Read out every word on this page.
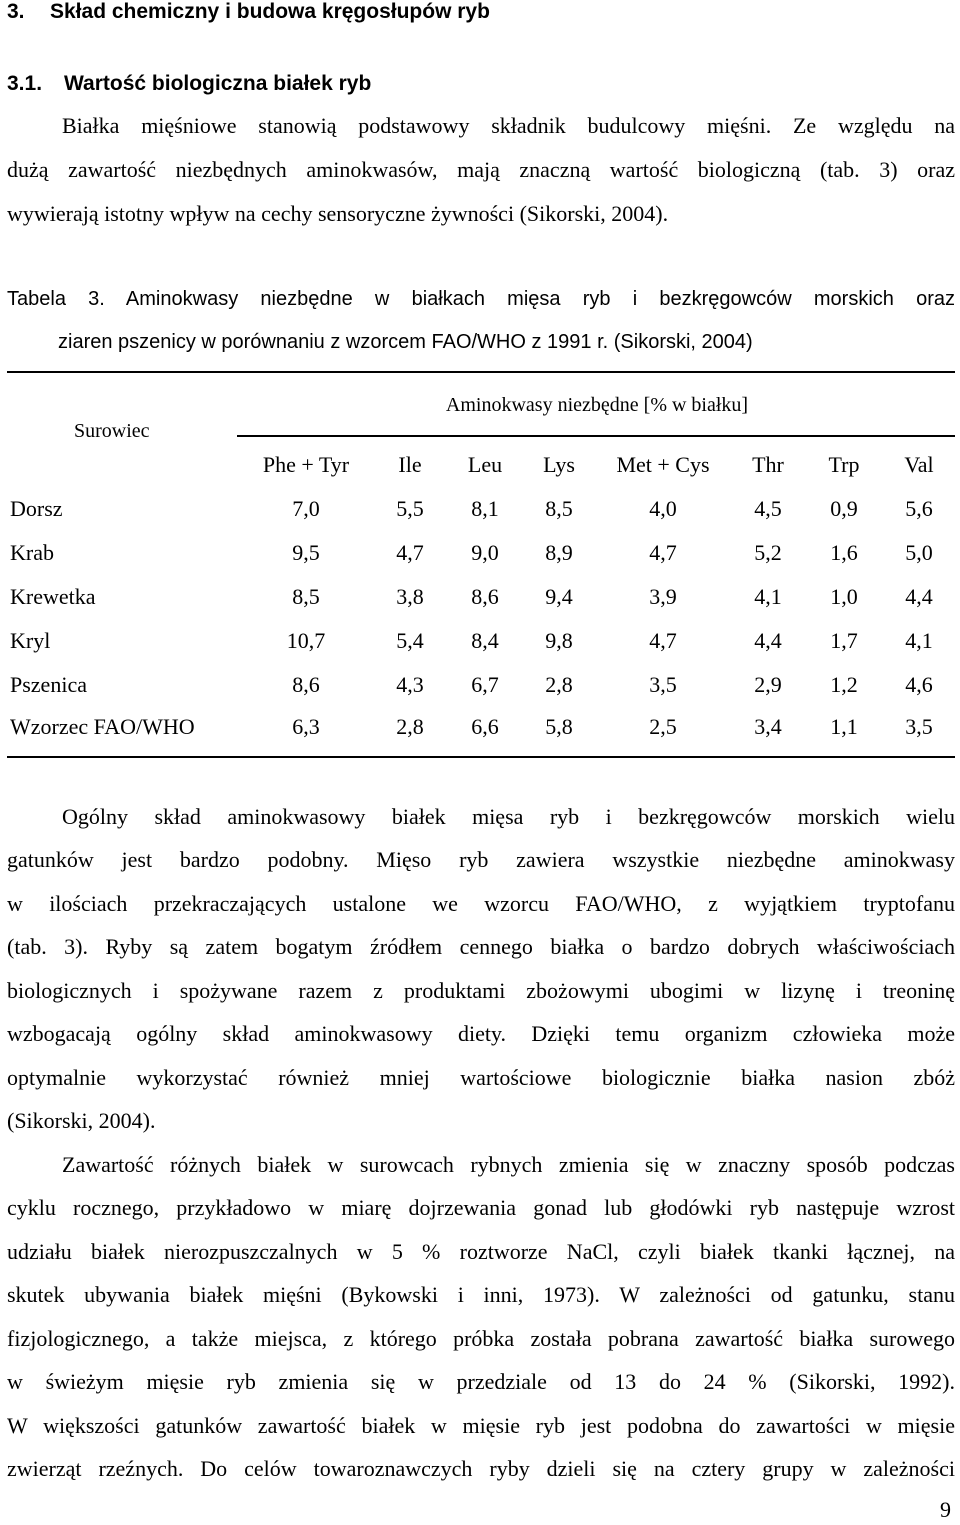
3. Skład chemiczny i budowa kręgosłupów ryb
3.1. Wartość biologiczna białek ryb
Białka mięśniowe stanowią podstawowy składnik budulcowy mięśni. Ze względu na
dużą zawartość niezbędnych aminokwasów, mają znaczną wartość biologiczną (tab. 3) oraz
wywierają istotny wpływ na cechy sensoryczne żywności (Sikorski, 2004).
Tabela 3. Aminokwasy niezbędne w białkach mięsa ryb i bezkręgowców morskich oraz
ziaren pszenicy w porównaniu z wzorcem FAO/WHO z 1991 r. (Sikorski, 2004)
Surowiec
Aminokwasy niezbędne [% w białku]
Phe + Tyr Ile Leu Lys Met + Cys Thr Trp Val
Dorsz	7,0	5,5 8,1 8,5	4,0	4,5 0,9 5,6
Krab	9,5	4,7 9,0 8,9	4,7	5,2 1,6 5,0
Krewetka	8,5	3,8 8,6 9,4	3,9	4,1 1,0 4,4
Kryl	10,7	5,4 8,4 9,8	4,7	4,4 1,7 4,1
Pszenica	8,6	4,3 6,7 2,8	3,5	2,9 1,2 4,6
Wzorzec FAO/WHO	6,3	2,8 6,6 5,8	2,5	3,4 1,1 3,5
Ogólny skład aminokwasowy białek mięsa ryb i bezkręgowców morskich wielu
gatunków jest bardzo podobny. Mięso ryb zawiera wszystkie niezbędne aminokwasy
w ilościach przekraczających ustalone we wzorcu FAO/WHO, z wyjątkiem tryptofanu
(tab. 3). Ryby są zatem bogatym źródłem cennego białka o bardzo dobrych właściwościach
biologicznych i spożywane razem z produktami zbożowymi ubogimi w lizynę i treoninę
wzbogacają ogólny skład aminokwasowy diety. Dzięki temu organizm człowieka może
optymalnie wykorzystać również mniej wartościowe biologicznie białka nasion zbóż
(Sikorski, 2004).
Zawartość różnych białek w surowcach rybnych zmienia się w znaczny sposób podczas
cyklu rocznego, przykładowo w miarę dojrzewania gonad lub głodówki ryb następuje wzrost
udziału białek nierozpuszczalnych w 5 % roztworze NaCl, czyli białek tkanki łącznej, na
skutek ubywania białek mięśni (Bykowski i inni, 1973). W zależności od gatunku, stanu
fizjologicznego, a także miejsca, z którego próbka została pobrana zawartość białka surowego
w świeżym mięsie ryb zmienia się w przedziale od 13 do 24 % (Sikorski, 1992).
W większości gatunków zawartość białek w mięsie ryb jest podobna do zawartości w mięsie
zwierząt rzeźnych. Do celów towaroznawczych ryby dzieli się na cztery grupy w zależności
9
